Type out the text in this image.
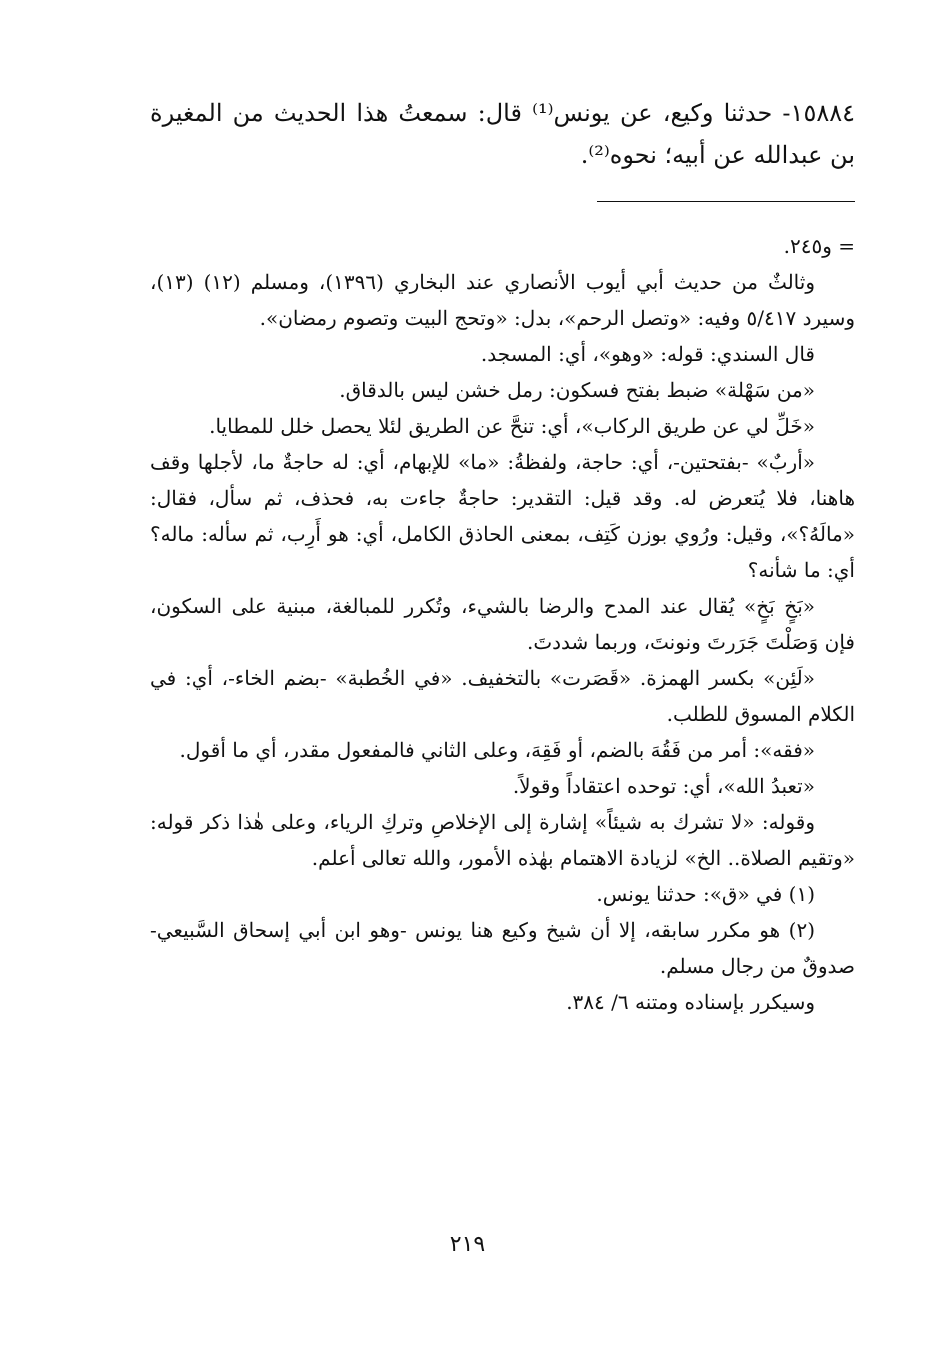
١٥٨٨٤- حدثنا وكيع، عن يونس⁽¹⁾ قال: سمعتُ هذا الحديث من المغيرة بن عبدالله عن أبيه؛ نحوه⁽²⁾.

= و٢٤٥.

وثالثٌ من حديث أبي أيوب الأنصاري عند البخاري (١٣٩٦)، ومسلم (١٢) (١٣)، وسيرد ٥/٤١٧ وفيه: «وتصل الرحم»، بدل: «وتحج البيت وتصوم رمضان».

قال السندي: قوله: «وهو»، أي: المسجد.

«من سَهْلة» ضبط بفتح فسكون: رمل خشن ليس بالدقاق.

«خَلِّ لي عن طريق الركاب»، أي: تنحَّ عن الطريق لئلا يحصل خلل للمطايا.

«أربٌ» -بفتحتين-، أي: حاجة، ولفظةُ: «ما» للإبهام، أي: له حاجةٌ ما، لأجلها وقف هاهنا، فلا يُتعرض له. وقد قيل: التقدير: حاجةٌ جاءت به، فحذف، ثم سأل، فقال: «مالَهُ؟»، وقيل: ورُوي بوزن كَتِف، بمعنى الحاذق الكامل، أي: هو أَرِب، ثم سأله: ماله؟ أي: ما شأنه؟

«بَخٍ بَخٍ» يُقال عند المدح والرضا بالشيء، وتُكرر للمبالغة، مبنية على السكون، فإن وَصَلْتَ جَرَرتَ ونونتَ، وربما شددتَ.

«لَئِن» بكسر الهمزة. «قَصَرت» بالتخفيف. «في الخُطبة» -بضم الخاء-، أي: في الكلام المسوق للطلب.

«فقه»: أمر من فَقُهَ بالضم، أو فَقِهَ، وعلى الثاني فالمفعول مقدر، أي ما أقول.

«تعبدُ الله»، أي: توحده اعتقاداً وقولاً.

وقوله: «لا تشرك به شيئاً» إشارة إلى الإخلاصِ وتركِ الرياء، وعلى هٰذا ذكر قوله: «وتقيم الصلاة.. الخ» لزيادة الاهتمام بهٰذه الأمور، والله تعالى أعلم.

(١) في «ق»: حدثنا يونس.

(٢) هو مكرر سابقه، إلا أن شيخ وكيع هنا يونس -وهو ابن أبي إسحاق السَّبيعي- صدوقٌ من رجال مسلم.

وسيكرر بإسناده ومتنه ٦/ ٣٨٤.

٢١٩
